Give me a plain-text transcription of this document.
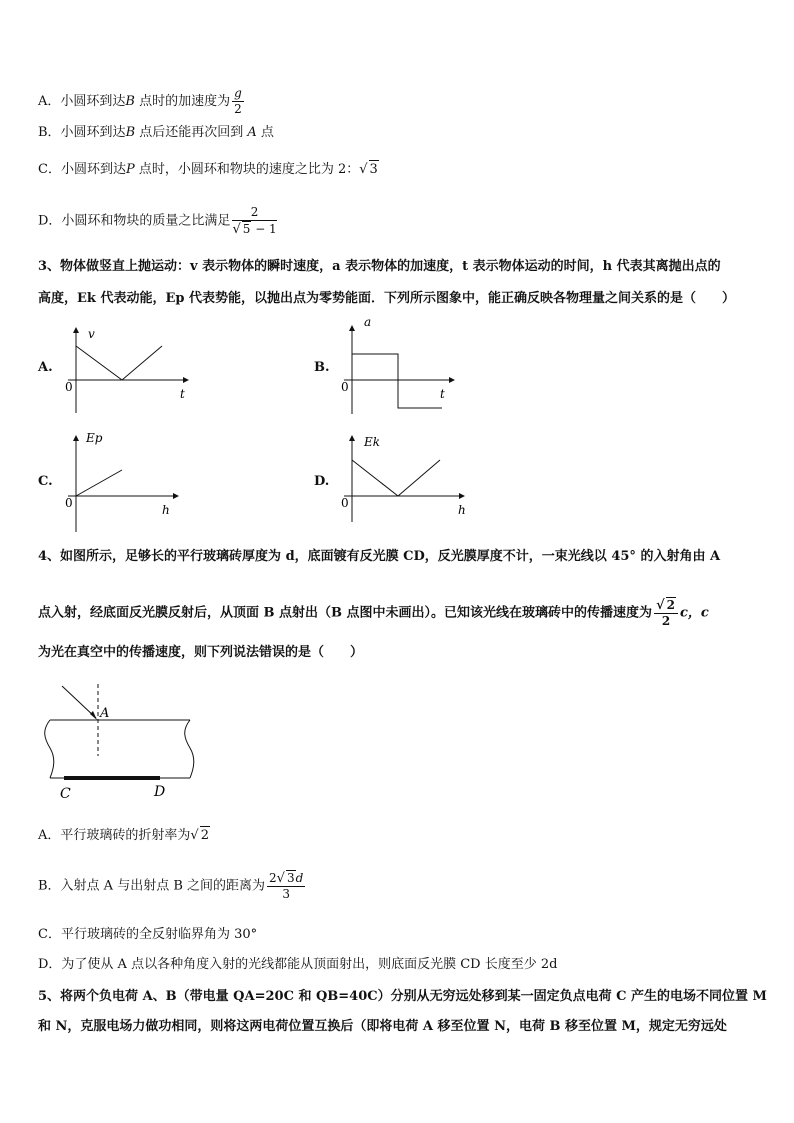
A．小圆环到达B 点时的加速度为 $\frac{g}{2}$
B．小圆环到达B 点后还能再次回到 A 点
C．小圆环到达P 点时，小圆环和物块的速度之比为 2：√ 3
D．小圆环和物块的质量之比满足 $\frac{2}{√ 5 - 1}$
3、物体做竖直上抛运动：v 表示物体的瞬时速度，a 表示物体的加速度，t 表示物体运动的时间，h 代表其离抛出点的
高度，Ek 代表动能，Ep 代表势能，以抛出点为零势能面．下列所示图象中，能正确反映各物理量之间关系的是（　　）
A.
v
t
0
B.
a
t
0
C.
Ep
h
0
D.
Ek
h
0
4、如图所示，足够长的平行玻璃砖厚度为 d，底面镀有反光膜 CD，反光膜厚度不计，一束光线以 45° 的入射角由 A
点入射，经底面反光膜反射后，从顶面 B 点射出（B 点图中未画出）。已知该光线在玻璃砖中的传播速度为 $\frac{√ 2}{2}$ c，c
为光在真空中的传播速度，则下列说法错误的是（　　）
A
C	D
A．平行玻璃砖的折射率为√ 2
B．入射点 A 与出射点 B 之间的距离为 $\frac{2√ 3d}{3}$
C．平行玻璃砖的全反射临界角为 30°
D．为了使从 A 点以各种角度入射的光线都能从顶面射出，则底面反光膜 CD 长度至少 2d
5、将两个负电荷 A、B（带电量 QA=20C 和 QB=40C）分别从无穷远处移到某一固定负点电荷 C 产生的电场不同位置 M
和 N，克服电场力做功相同，则将这两电荷位置互换后（即将电荷 A 移至位置 N，电荷 B 移至位置 M，规定无穷远处
